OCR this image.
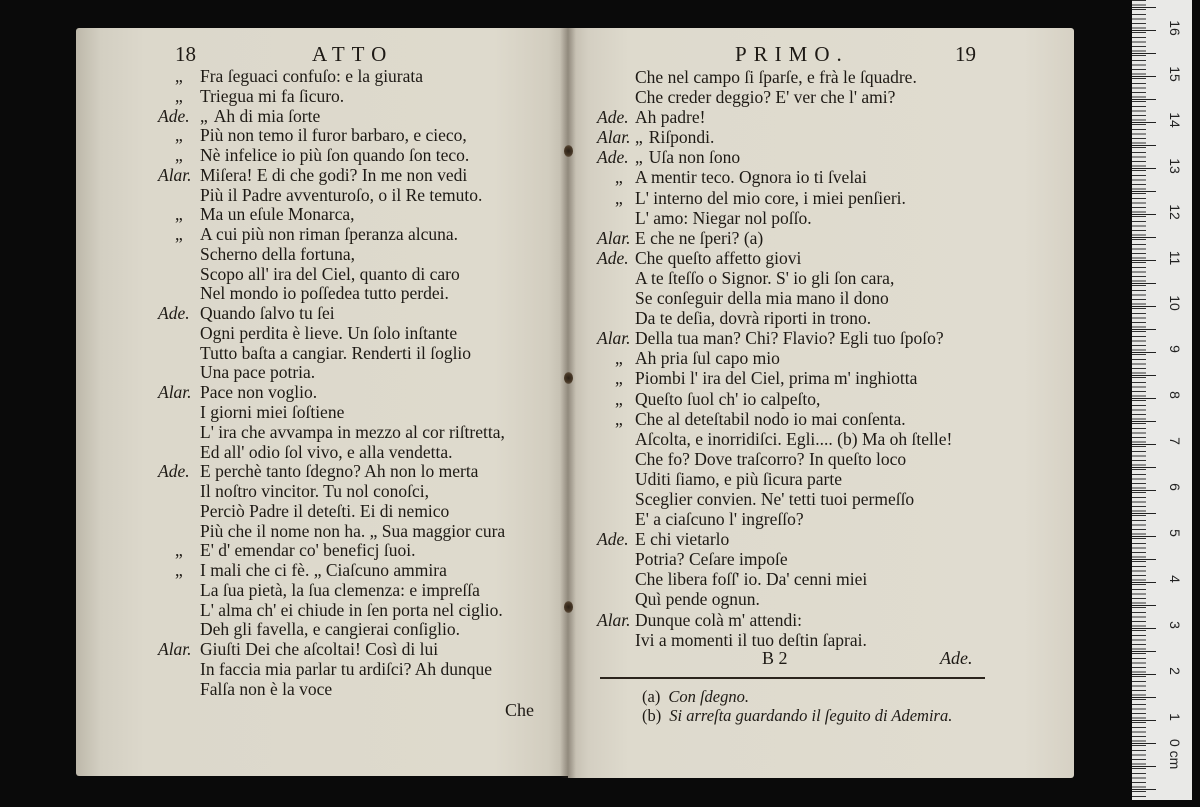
18	ATTO
„ Fra ſeguaci confuſo: e la giurata
„ Triegua mi fa ſicuro.
Ade. „ Ah di mia ſorte
„ Più non temo il furor barbaro, e cieco,
„ Nè infelice io più ſon quando ſon teco.
Alar. Miſera! E di che godi? In me non vedi
Più il Padre avventuroſo, o il Re temuto.
„ Ma un eſule Monarca,
„ A cui più non riman ſperanza alcuna.
Scherno della fortuna,
Scopo all' ira del Ciel, quanto di caro
Nel mondo io poſſedea tutto perdei.
Ade. Quando ſalvo tu ſei
Ogni perdita è lieve. Un ſolo inſtante
Tutto baſta a cangiar. Renderti il ſoglio
Una pace potria.
Alar. Pace non voglio.
I giorni miei ſoſtiene
L' ira che avvampa in mezzo al cor riſtretta,
Ed all' odio ſol vivo, e alla vendetta.
Ade. E perchè tanto ſdegno? Ah non lo merta
Il noſtro vincitor. Tu nol conoſci,
Perciò Padre il deteſti. Ei di nemico
Più che il nome non ha. „ Sua maggior cura
„ E' d' emendar co' beneficj ſuoi.
„ I mali che ci fè. „ Ciaſcuno ammira
La ſua pietà, la ſua clemenza: e impreſſa
L' alma ch' ei chiude in ſen porta nel ciglio.
Deh gli favella, e cangierai conſiglio.
Alar. Giuſti Dei che aſcoltai! Così di lui
In faccia mia parlar tu ardiſci? Ah dunque
Falſa non è la voce
Che
PRIMO.	19
Che nel campo ſi ſparſe, e frà le ſquadre.
Che creder deggio? E' ver che l' ami?
Ade. Ah padre!
Alar. „ Riſpondi.
Ade. „ Uſa non ſono
„ A mentir teco. Ognora io ti ſvelai
„ L' interno del mio core, i miei penſieri.
L' amo: Niegar nol poſſo.
Alar. E che ne ſperi? (a)
Ade. Che queſto affetto giovi
A te ſteſſo o Signor. S' io gli ſon cara,
Se conſeguir della mia mano il dono
Da te deſia, dovrà riporti in trono.
Alar. Della tua man? Chi? Flavio? Egli tuo ſpoſo?
„ Ah pria ſul capo mio
„ Piombi l' ira del Ciel, prima m' inghiotta
„ Queſto ſuol ch' io calpeſto,
„ Che al deteſtabil nodo io mai conſenta.
Aſcolta, e inorridiſci. Egli.... (b) Ma oh ſtelle!
Che fo? Dove traſcorro? In queſto loco
Uditi ſiamo, e più ſicura parte
Sceglier convien. Ne' tetti tuoi permeſſo
E' a ciaſcuno l' ingreſſo?
Ade. E chi vietarlo
Potria? Ceſare impoſe
Che libera foſſ' io. Da' cenni miei
Quì pende ognun.
Alar. Dunque colà m' attendi:
Ivi a momenti il tuo deſtin ſaprai.
B 2	Ade.
(a) Con ſdegno.
(b) Si arreſta guardando il ſeguito di Ademira.
16
15
14
13
12
11
10
9
8
7
6
5
4
3
2
1
0 cm
